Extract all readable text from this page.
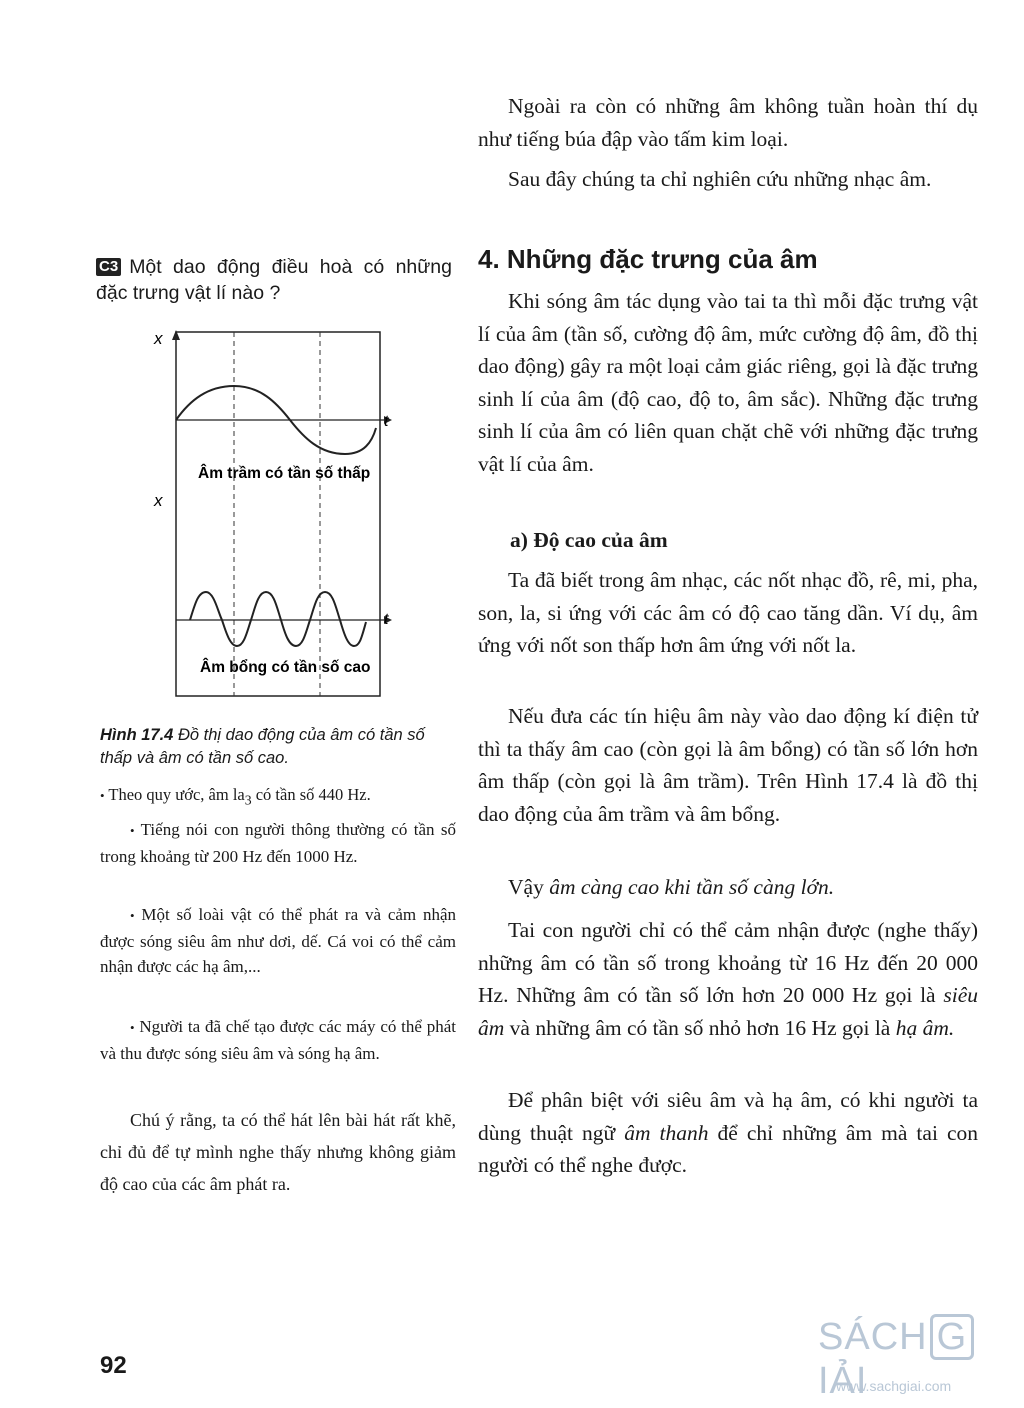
Ngoài ra còn có những âm không tuần hoàn thí dụ như tiếng búa đập vào tấm kim loại.

Sau đây chúng ta chỉ nghiên cứu những nhạc âm.

4. Những đặc trưng của âm

Khi sóng âm tác dụng vào tai ta thì mỗi đặc trưng vật lí của âm (tần số, cường độ âm, mức cường độ âm, đồ thị dao động) gây ra một loại cảm giác riêng, gọi là đặc trưng sinh lí của âm (độ cao, độ to, âm sắc). Những đặc trưng sinh lí của âm có liên quan chặt chẽ với những đặc trưng vật lí của âm.

a) Độ cao của âm

Ta đã biết trong âm nhạc, các nốt nhạc đồ, rê, mi, pha, son, la, si ứng với các âm có độ cao tăng dần. Ví dụ, âm ứng với nốt son thấp hơn âm ứng với nốt la.

Nếu đưa các tín hiệu âm này vào dao động kí điện tử thì ta thấy âm cao (còn gọi là âm bổng) có tần số lớn hơn âm thấp (còn gọi là âm trầm). Trên Hình 17.4 là đồ thị dao động của âm trầm và âm bổng.

Vậy âm càng cao khi tần số càng lớn.

Tai con người chỉ có thể cảm nhận được (nghe thấy) những âm có tần số trong khoảng từ 16 Hz đến 20 000 Hz. Những âm có tần số lớn hơn 20 000 Hz gọi là siêu âm và những âm có tần số nhỏ hơn 16 Hz gọi là hạ âm.

Để phân biệt với siêu âm và hạ âm, có khi người ta dùng thuật ngữ âm thanh để chỉ những âm mà tai con người có thể nghe được.

C3 Một dao động điều hoà có những đặc trưng vật lí nào ?

x
t
Âm trầm có tần số thấp
x
t
Âm bổng có tần số cao

Hình 17.4 Đồ thị dao động của âm có tần số thấp và âm có tần số cao.

• Theo quy ước, âm $la_3$ có tần số 440 Hz.

• Tiếng nói con người thông thường có tần số trong khoảng từ 200 Hz đến 1000 Hz.

• Một số loài vật có thể phát ra và cảm nhận được sóng siêu âm như dơi, dế. Cá voi có thể cảm nhận được các hạ âm,...

• Người ta đã chế tạo được các máy có thể phát và thu được sóng siêu âm và sóng hạ âm.

Chú ý rằng, ta có thể hát lên bài hát rất khẽ, chỉ đủ để tự mình nghe thấy nhưng không giảm độ cao của các âm phát ra.

92

SÁCH GIẢI
www.sachgiai.com
